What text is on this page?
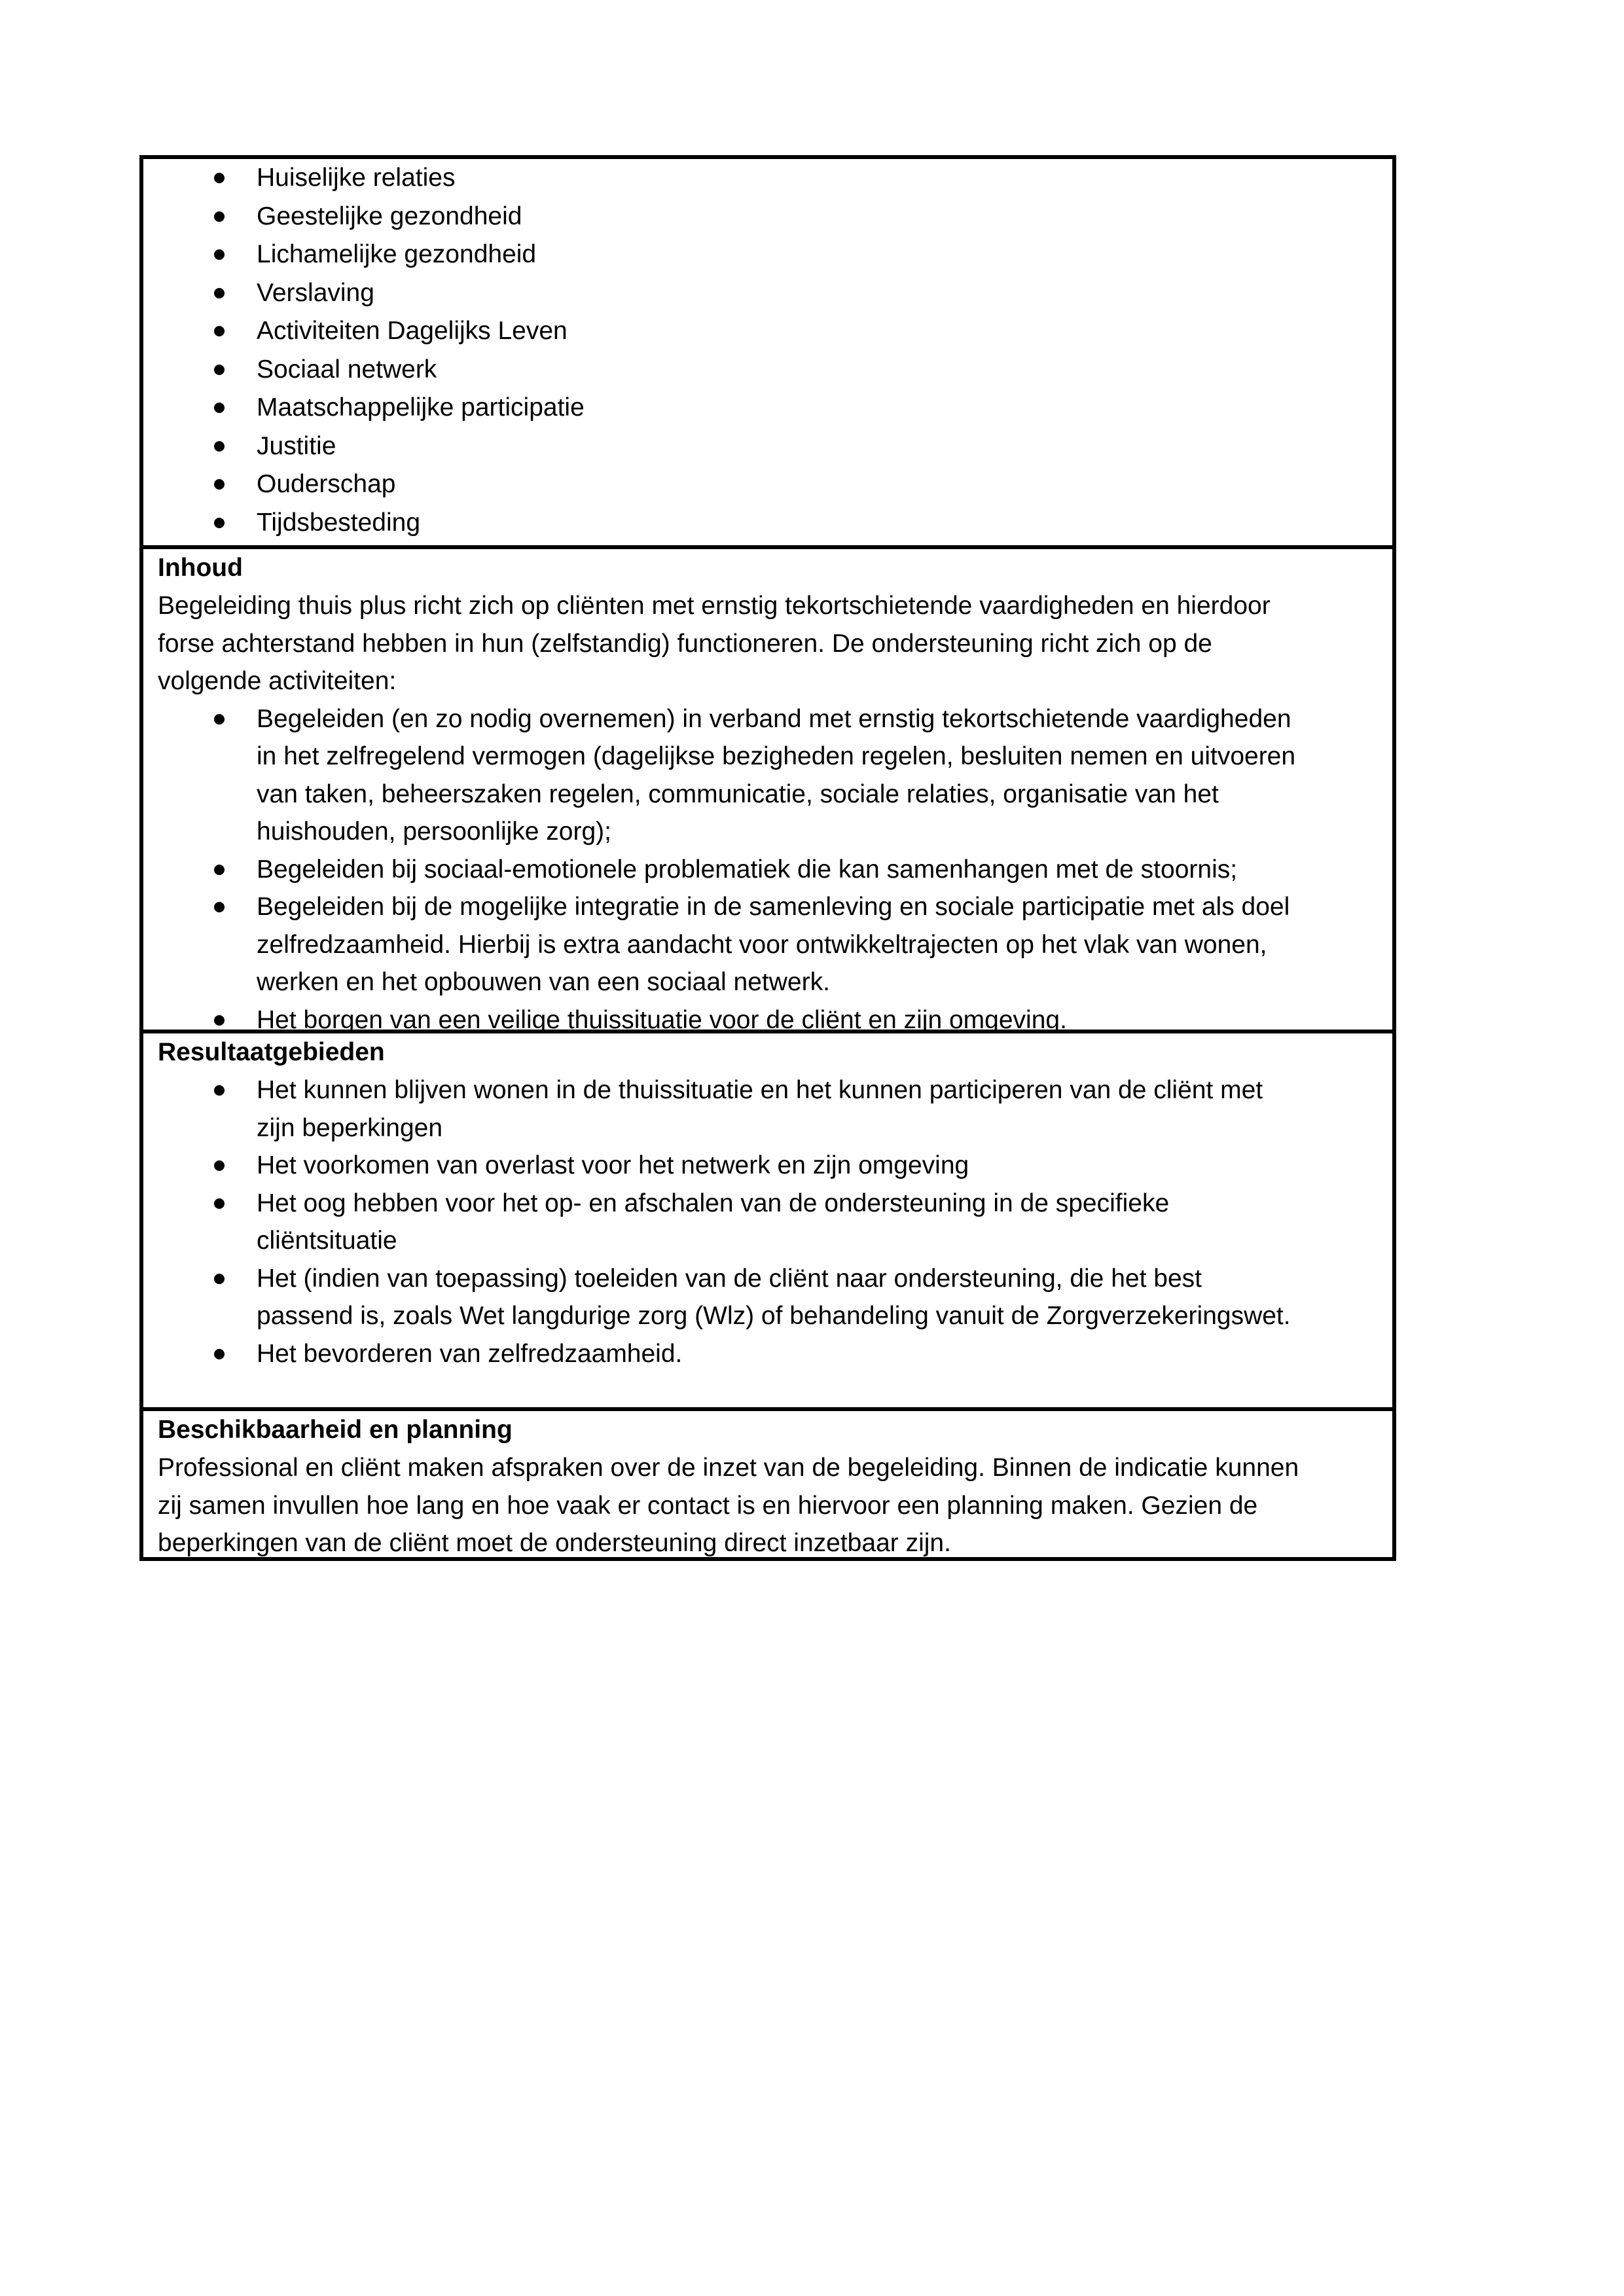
Huiselijke relaties
Geestelijke gezondheid
Lichamelijke gezondheid
Verslaving
Activiteiten Dagelijks Leven
Sociaal netwerk
Maatschappelijke participatie
Justitie
Ouderschap
Tijdsbesteding
Inhoud
Begeleiding thuis plus richt zich op cliënten met ernstig tekortschietende vaardigheden en hierdoor
forse achterstand hebben in hun (zelfstandig) functioneren. De ondersteuning richt zich op de
volgende activiteiten:
Begeleiden (en zo nodig overnemen) in verband met ernstig tekortschietende vaardigheden
in het zelfregelend vermogen (dagelijkse bezigheden regelen, besluiten nemen en uitvoeren
van taken, beheerszaken regelen, communicatie, sociale relaties, organisatie van het
huishouden, persoonlijke zorg);
Begeleiden bij sociaal-emotionele problematiek die kan samenhangen met de stoornis;
Begeleiden bij de mogelijke integratie in de samenleving en sociale participatie met als doel
zelfredzaamheid. Hierbij is extra aandacht voor ontwikkeltrajecten op het vlak van wonen,
werken en het opbouwen van een sociaal netwerk.
Het borgen van een veilige thuissituatie voor de cliënt en zijn omgeving.
Resultaatgebieden
Het kunnen blijven wonen in de thuissituatie en het kunnen participeren van de cliënt met
zijn beperkingen
Het voorkomen van overlast voor het netwerk en zijn omgeving
Het oog hebben voor het op- en afschalen van de ondersteuning in de specifieke
cliëntsituatie
Het (indien van toepassing) toeleiden van de cliënt naar ondersteuning, die het best
passend is, zoals Wet langdurige zorg (Wlz) of behandeling vanuit de Zorgverzekeringswet.
Het bevorderen van zelfredzaamheid.
Beschikbaarheid en planning
Professional en cliënt maken afspraken over de inzet van de begeleiding. Binnen de indicatie kunnen
zij samen invullen hoe lang en hoe vaak er contact is en hiervoor een planning maken. Gezien de
beperkingen van de cliënt moet de ondersteuning direct inzetbaar zijn.
